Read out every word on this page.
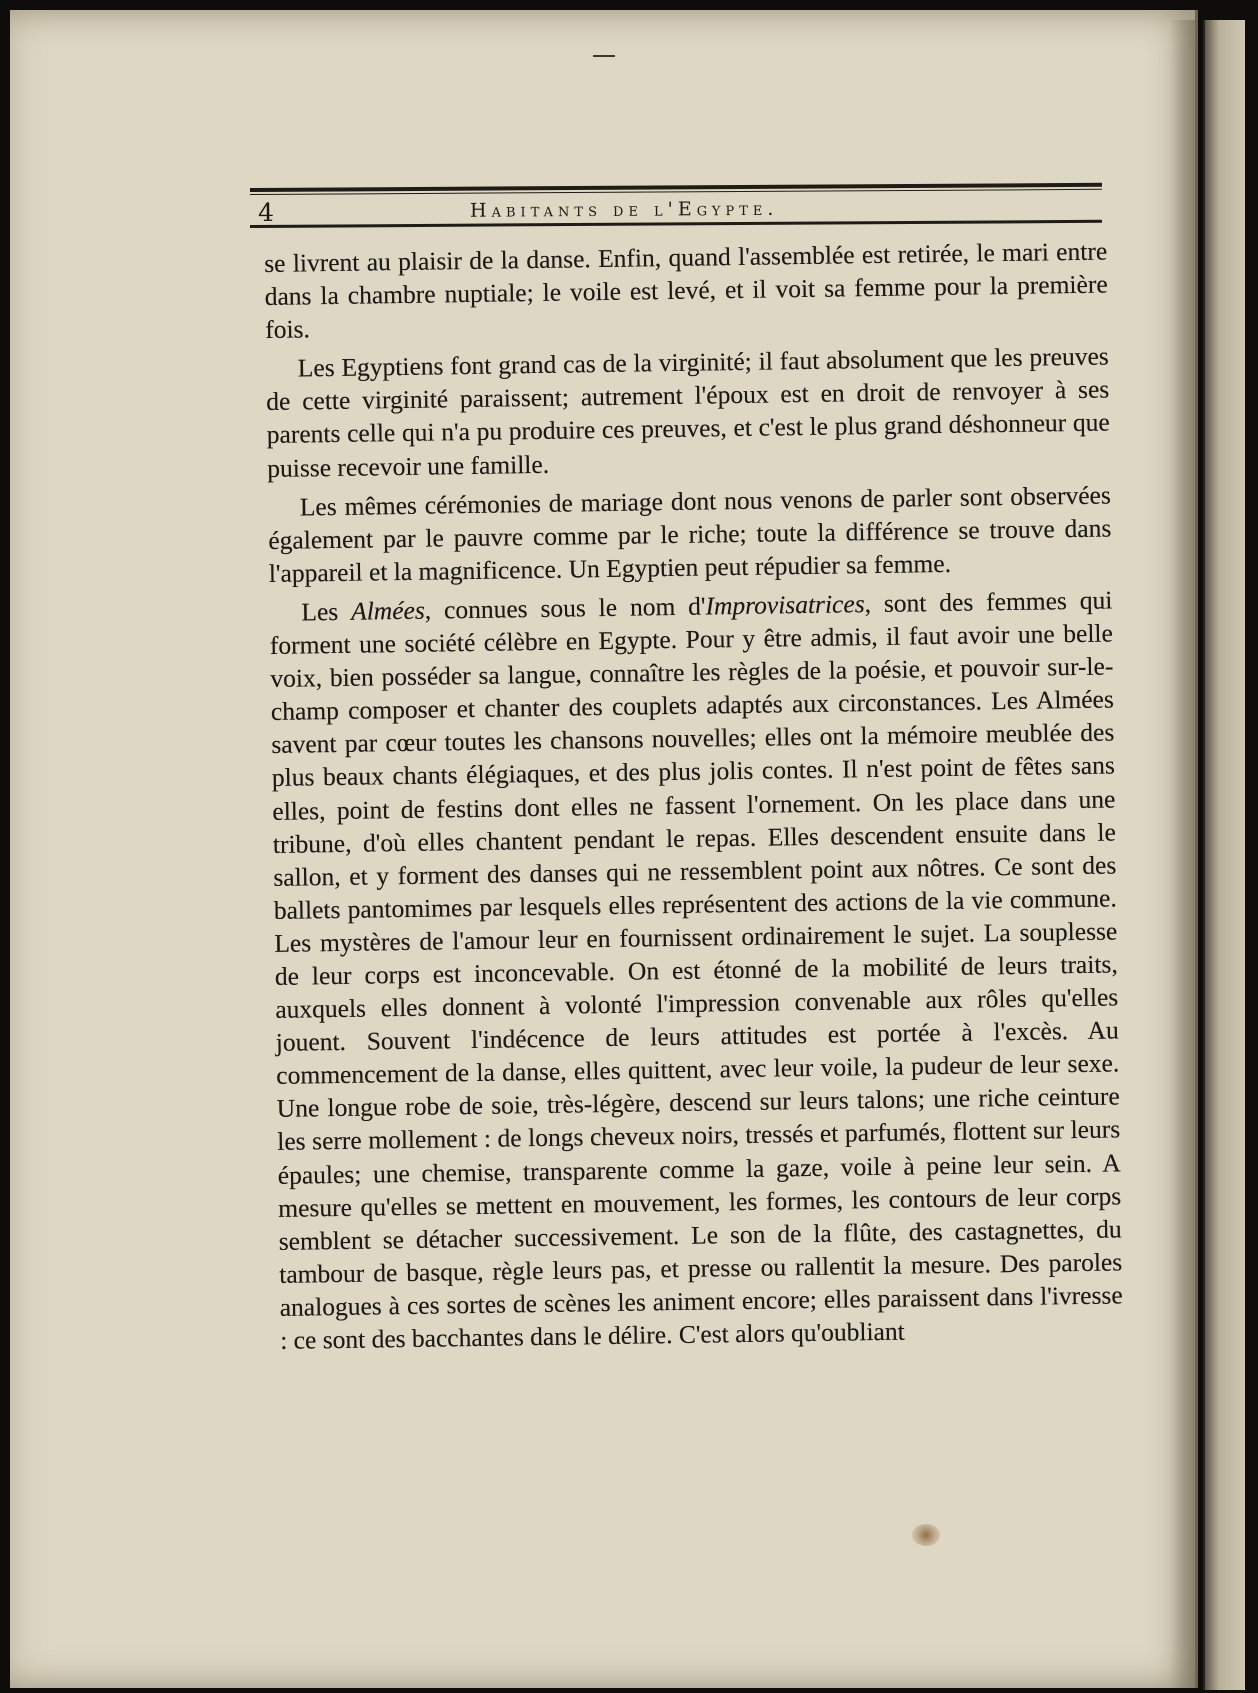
4	Habitants de l'Egypte.

se livrent au plaisir de la danse. Enfin, quand l'assemblée est retirée, le mari entre dans la chambre nuptiale; le voile est levé, et il voit sa femme pour la première fois.

Les Egyptiens font grand cas de la virginité; il faut absolument que les preuves de cette virginité paraissent; autrement l'époux est en droit de renvoyer à ses parents celle qui n'a pu produire ces preuves, et c'est le plus grand déshonneur que puisse recevoir une famille.

Les mêmes cérémonies de mariage dont nous venons de parler sont observées également par le pauvre comme par le riche; toute la différence se trouve dans l'appareil et la magnificence. Un Egyptien peut répudier sa femme.

Les Almées, connues sous le nom d'Improvisatrices, sont des femmes qui forment une société célèbre en Egypte. Pour y être admis, il faut avoir une belle voix, bien posséder sa langue, connaître les règles de la poésie, et pouvoir sur-le-champ composer et chanter des couplets adaptés aux circonstances. Les Almées savent par cœur toutes les chansons nouvelles; elles ont la mémoire meublée des plus beaux chants élégiaques, et des plus jolis contes. Il n'est point de fêtes sans elles, point de festins dont elles ne fassent l'ornement. On les place dans une tribune, d'où elles chantent pendant le repas. Elles descendent ensuite dans le sallon, et y forment des danses qui ne ressemblent point aux nôtres. Ce sont des ballets pantomimes par lesquels elles représentent des actions de la vie commune. Les mystères de l'amour leur en fournissent ordinairement le sujet. La souplesse de leur corps est inconcevable. On est étonné de la mobilité de leurs traits, auxquels elles donnent à volonté l'impression convenable aux rôles qu'elles jouent. Souvent l'indécence de leurs attitudes est portée à l'excès. Au commencement de la danse, elles quittent, avec leur voile, la pudeur de leur sexe. Une longue robe de soie, très-légère, descend sur leurs talons; une riche ceinture les serre mollement : de longs cheveux noirs, tressés et parfumés, flottent sur leurs épaules; une chemise, transparente comme la gaze, voile à peine leur sein. A mesure qu'elles se mettent en mouvement, les formes, les contours de leur corps semblent se détacher successivement. Le son de la flûte, des castagnettes, du tambour de basque, règle leurs pas, et presse ou rallentit la mesure. Des paroles analogues à ces sortes de scènes les animent encore; elles paraissent dans l'ivresse : ce sont des bacchantes dans le délire. C'est alors qu'oubliant
